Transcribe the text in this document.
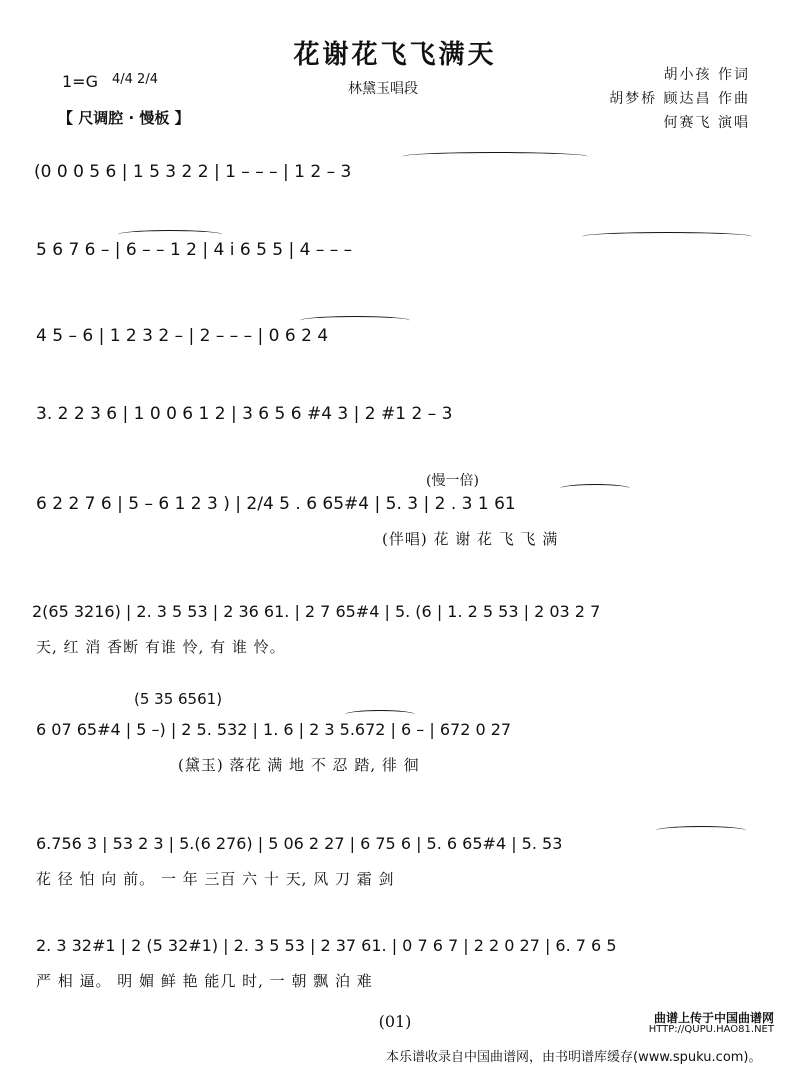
花谢花飞飞满天
林黛玉唱段
1=G 4/4 2/4
【 尺调腔 · 慢板 】
胡小孩 作词
胡梦桥 顾达昌 作曲
何赛飞 演唱
(0 0 0 5 6 | 1 5 3 2 2 | 1 – – – | 1 2 – 3
5 6 7 6 – | 6 – – 1 2 | 4 i 6 5 5 | 4 – – –
4 5 – 6 | 1 2 3 2 – | 2 – – – | 0 6 2 4
3. 2 2 3 6 | 1 0 0 6 1 2 | 3 6 5 6 #4 3 | 2 #1 2 – 3
(慢一倍)
6 2 2 7 6 | 5 – 6 1 2 3 ) | 2/4 5 . 6 65#4 | 5. 3 | 2 . 3 1 61
(伴唱) 花 谢 花 飞 飞 满
2(65 3216) | 2. 3 5 53 | 2 36 61. | 2 7 65#4 | 5. (6 | 1. 2 5 53 | 2 03 2 7
天, 红 消 香断 有谁 怜, 有 谁 怜。
(5 35 6561)
6 07 65#4 | 5 –) | 2 5. 532 | 1. 6 | 2 3 5.672 | 6 – | 672 0 27
(黛玉) 落花 满 地 不 忍 踏, 徘 徊
6.756 3 | 53 2 3 | 5.(6 276) | 5 06 2 27 | 6 75 6 | 5. 6 65#4 | 5. 53
花 径 怕 向 前。 一 年 三百 六 十 天, 风 刀 霜 剑
2. 3 32#1 | 2 (5 32#1) | 2. 3 5 53 | 2 37 61. | 0 7 6 7 | 2 2 0 27 | 6. 7 6 5
严 相 逼。 明 媚 鲜 艳 能几 时, 一 朝 飘 泊 难
(01)	曲谱上传于中国曲谱网
HTTP://QUPU.HAO81.NET
本乐谱收录自中国曲谱网，由书明谱库缓存(www.spuku.com)。
